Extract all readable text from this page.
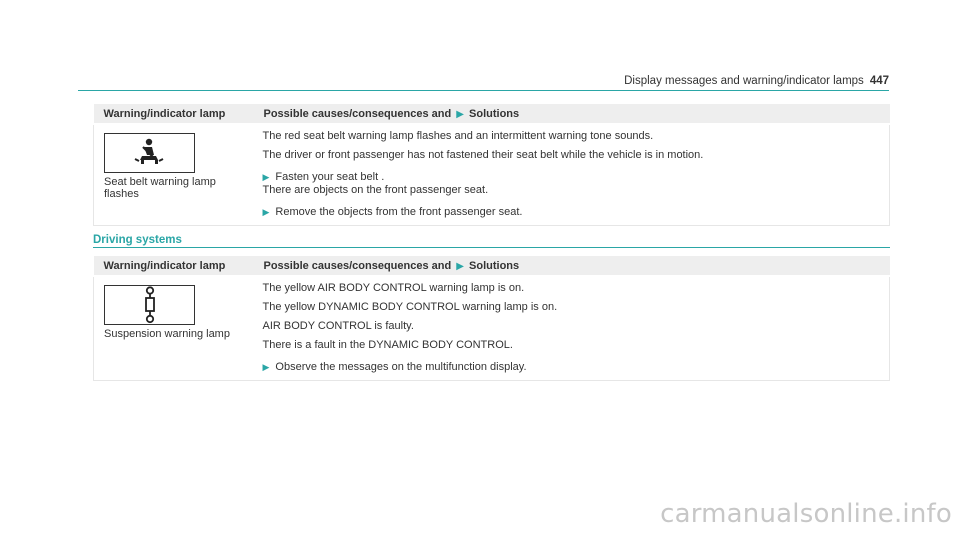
Display messages and warning/indicator lamps 447
Warning/indicator lamp	Possible causes/consequences and ▶ Solutions

Seat belt warning lamp flashes	The red seat belt warning lamp flashes and an intermittent warning tone sounds.

The driver or front passenger has not fastened their seat belt while the vehicle is in motion.

▶ Fasten your seat belt .

There are objects on the front passenger seat.

▶ Remove the objects from the front passenger seat.
Driving systems
Warning/indicator lamp	Possible causes/consequences and ▶ Solutions

Suspension warning lamp	The yellow AIR BODY CONTROL warning lamp is on.

The yellow DYNAMIC BODY CONTROL warning lamp is on.

AIR BODY CONTROL is faulty.

There is a fault in the DYNAMIC BODY CONTROL.

▶ Observe the messages on the multifunction display.
carmanualsonline.info
